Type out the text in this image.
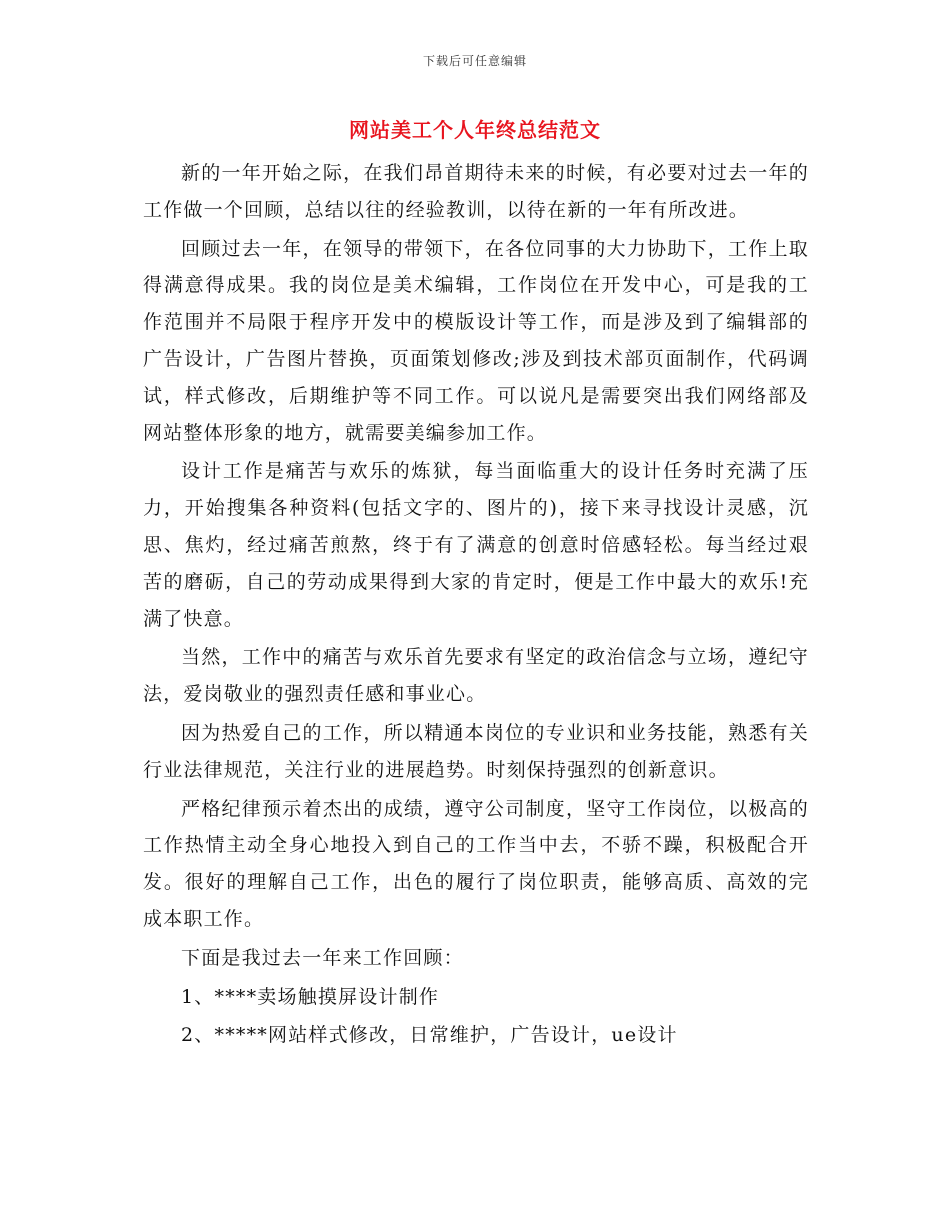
下载后可任意编辑
网站美工个人年终总结范文

新的一年开始之际，在我们昂首期待未来的时候，有必要对过去一年的工作做一个回顾，总结以往的经验教训，以待在新的一年有所改进。

回顾过去一年，在领导的带领下，在各位同事的大力协助下，工作上取得满意得成果。我的岗位是美术编辑，工作岗位在开发中心，可是我的工作范围并不局限于程序开发中的模版设计等工作，而是涉及到了编辑部的广告设计，广告图片替换，页面策划修改;涉及到技术部页面制作，代码调试，样式修改，后期维护等不同工作。可以说凡是需要突出我们网络部及网站整体形象的地方，就需要美编参加工作。

设计工作是痛苦与欢乐的炼狱，每当面临重大的设计任务时充满了压力，开始搜集各种资料(包括文字的、图片的)，接下来寻找设计灵感，沉思、焦灼，经过痛苦煎熬，终于有了满意的创意时倍感轻松。每当经过艰苦的磨砺，自己的劳动成果得到大家的肯定时，便是工作中最大的欢乐!充满了快意。

当然，工作中的痛苦与欢乐首先要求有坚定的政治信念与立场，遵纪守法，爱岗敬业的强烈责任感和事业心。

因为热爱自己的工作，所以精通本岗位的专业识和业务技能，熟悉有关行业法律规范，关注行业的进展趋势。时刻保持强烈的创新意识。

严格纪律预示着杰出的成绩，遵守公司制度，坚守工作岗位，以极高的工作热情主动全身心地投入到自己的工作当中去，不骄不躁，积极配合开发。很好的理解自己工作，出色的履行了岗位职责，能够高质、高效的完成本职工作。

下面是我过去一年来工作回顾：

1、****卖场触摸屏设计制作

2、*****网站样式修改，日常维护，广告设计，ue设计
